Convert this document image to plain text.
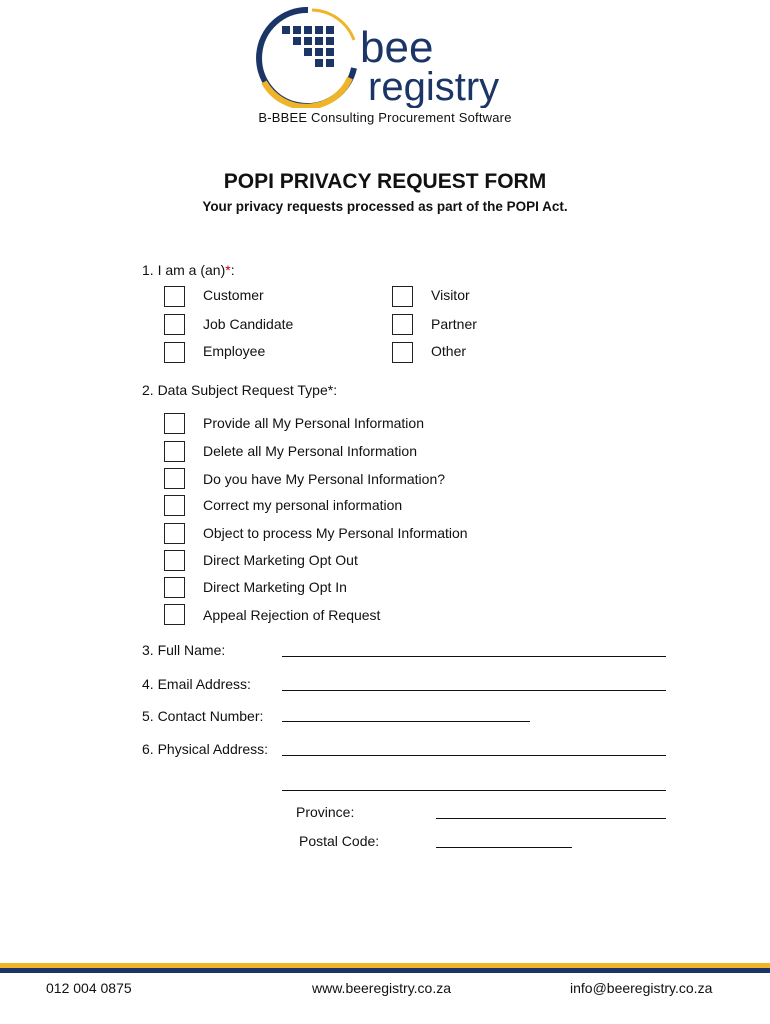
bee
registry
B-BBEE Consulting Procurement Software
POPI PRIVACY REQUEST FORM
Your privacy requests processed as part of the POPI Act.
1. I am a (an)*:
Customer	Visitor
Job Candidate	Partner
Employee	Other
2. Data Subject Request Type*:
Provide all My Personal Information
Delete all My Personal Information
Do you have My Personal Information?
Correct my personal information
Object to process My Personal Information
Direct Marketing Opt Out
Direct Marketing Opt In
Appeal Rejection of Request
3. Full Name:
4. Email Address:
5. Contact Number:
6. Physical Address:
Province:
Postal Code:
012 004 0875	www.beeregistry.co.za	info@beeregistry.co.za
